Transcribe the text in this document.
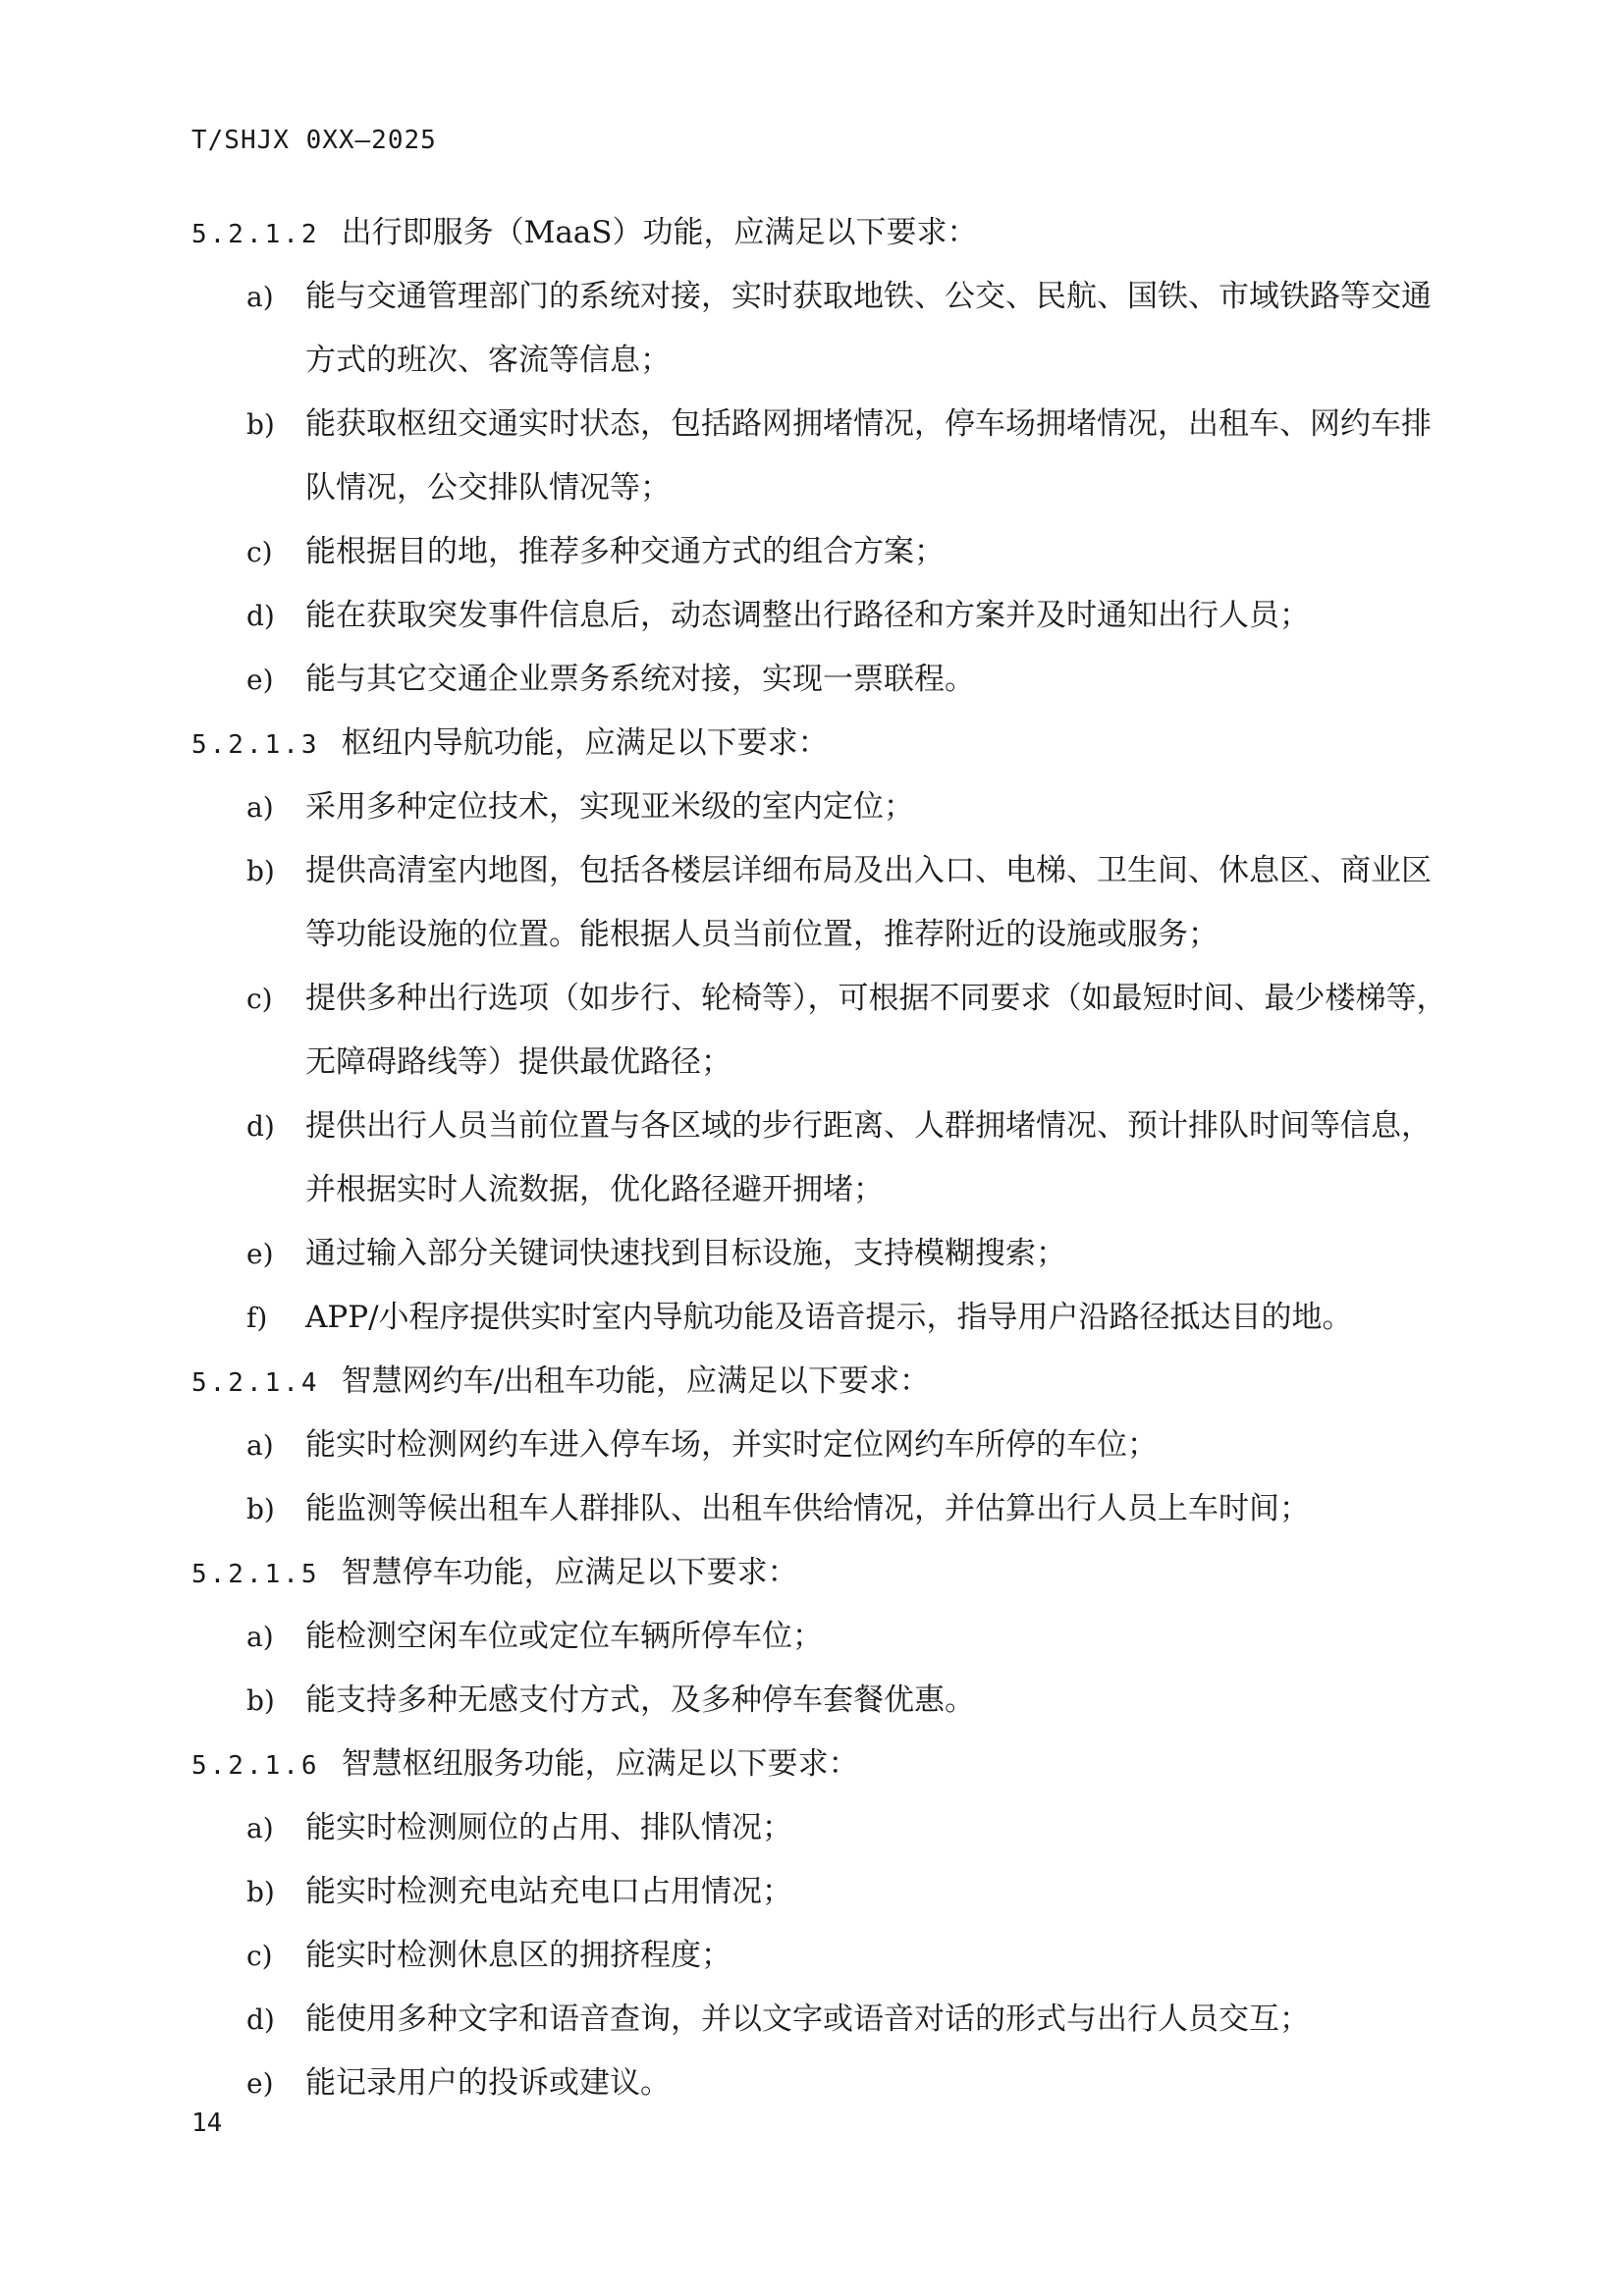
T/SHJX 0XX—2025
5.2.1.2 出行即服务（MaaS）功能，应满足以下要求：
a) 能与交通管理部门的系统对接，实时获取地铁、公交、民航、国铁、市域铁路等交通方式的班次、客流等信息；
b) 能获取枢纽交通实时状态，包括路网拥堵情况，停车场拥堵情况，出租车、网约车排队情况，公交排队情况等；
c) 能根据目的地，推荐多种交通方式的组合方案；
d) 能在获取突发事件信息后，动态调整出行路径和方案并及时通知出行人员；
e) 能与其它交通企业票务系统对接，实现一票联程。
5.2.1.3 枢纽内导航功能，应满足以下要求：
a) 采用多种定位技术，实现亚米级的室内定位；
b) 提供高清室内地图，包括各楼层详细布局及出入口、电梯、卫生间、休息区、商业区等功能设施的位置。能根据人员当前位置，推荐附近的设施或服务；
c) 提供多种出行选项（如步行、轮椅等），可根据不同要求（如最短时间、最少楼梯等，无障碍路线等）提供最优路径；
d) 提供出行人员当前位置与各区域的步行距离、人群拥堵情况、预计排队时间等信息，并根据实时人流数据，优化路径避开拥堵；
e) 通过输入部分关键词快速找到目标设施，支持模糊搜索；
f) APP/小程序提供实时室内导航功能及语音提示，指导用户沿路径抵达目的地。
5.2.1.4 智慧网约车/出租车功能，应满足以下要求：
a) 能实时检测网约车进入停车场，并实时定位网约车所停的车位；
b) 能监测等候出租车人群排队、出租车供给情况，并估算出行人员上车时间；
5.2.1.5 智慧停车功能，应满足以下要求：
a) 能检测空闲车位或定位车辆所停车位；
b) 能支持多种无感支付方式，及多种停车套餐优惠。
5.2.1.6 智慧枢纽服务功能，应满足以下要求：
a) 能实时检测厕位的占用、排队情况；
b) 能实时检测充电站充电口占用情况；
c) 能实时检测休息区的拥挤程度；
d) 能使用多种文字和语音查询，并以文字或语音对话的形式与出行人员交互；
e) 能记录用户的投诉或建议。
14
